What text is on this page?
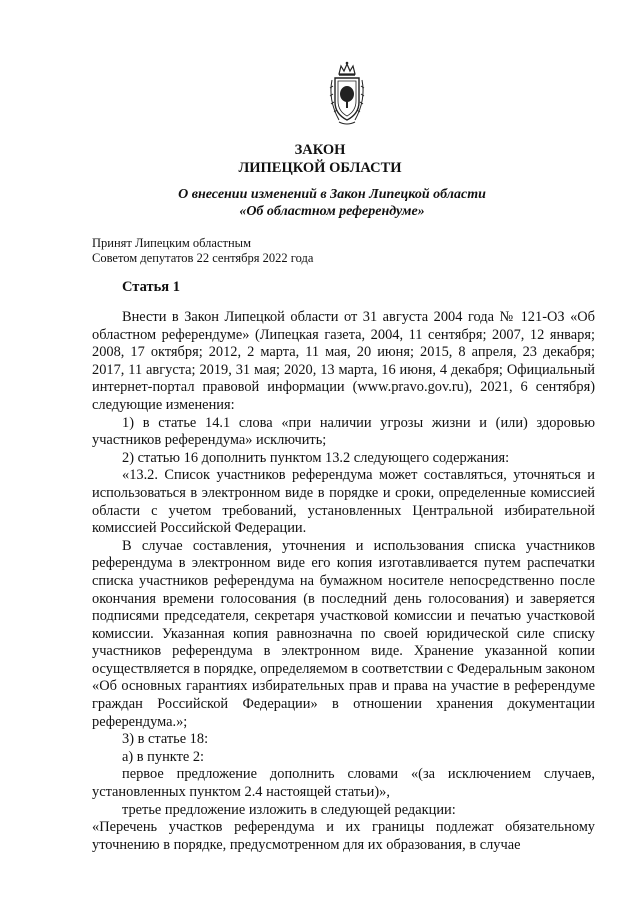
ЗАКОН
ЛИПЕЦКОЙ ОБЛАСТИ
О внесении изменений в Закон Липецкой области
«Об областном референдуме»
Принят Липецким областным
Советом депутатов 22 сентября 2022 года
Статья 1

Внести в Закон Липецкой области от 31 августа 2004 года № 121-ОЗ «Об областном референдуме» (Липецкая газета, 2004, 11 сентября; 2007, 12 января; 2008, 17 октября; 2012, 2 марта, 11 мая, 20 июня; 2015, 8 апреля, 23 декабря; 2017, 11 августа; 2019, 31 мая; 2020, 13 марта, 16 июня, 4 декабря; Официальный интернет-портал правовой информации (www.pravo.gov.ru), 2021, 6 сентября) следующие изменения:

1) в статье 14.1 слова «при наличии угрозы жизни и (или) здоровью участников референдума» исключить;

2) статью 16 дополнить пунктом 13.2 следующего содержания:

«13.2. Список участников референдума может составляться, уточняться и использоваться в электронном виде в порядке и сроки, определенные комиссией области с учетом требований, установленных Центральной избирательной комиссией Российской Федерации.

В случае составления, уточнения и использования списка участников референдума в электронном виде его копия изготавливается путем распечатки списка участников референдума на бумажном носителе непосредственно после окончания времени голосования (в последний день голосования) и заверяется подписями председателя, секретаря участковой комиссии и печатью участковой комиссии. Указанная копия равнозначна по своей юридической силе списку участников референдума в электронном виде. Хранение указанной копии осуществляется в порядке, определяемом в соответствии с Федеральным законом «Об основных гарантиях избирательных прав и права на участие в референдуме граждан Российской Федерации» в отношении хранения документации референдума.»;

3) в статье 18:

а) в пункте 2:

первое предложение дополнить словами «(за исключением случаев, установленных пунктом 2.4 настоящей статьи)»,

третье предложение изложить в следующей редакции:

«Перечень участков референдума и их границы подлежат обязательному уточнению в порядке, предусмотренном для их образования, в случае
